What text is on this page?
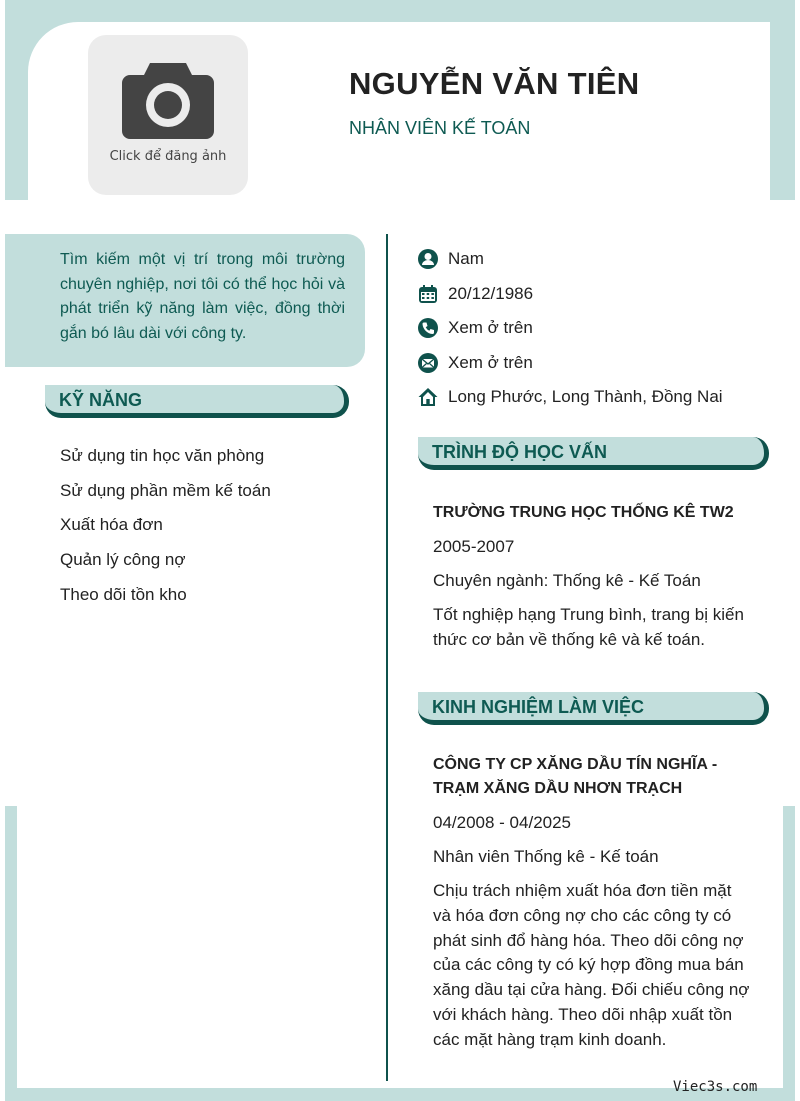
Click để đăng ảnh
NGUYỄN VĂN TIÊN
NHÂN VIÊN KẾ TOÁN
Tìm kiếm một vị trí trong môi trường chuyên nghiệp, nơi tôi có thể học hỏi và phát triển kỹ năng làm việc, đồng thời gắn bó lâu dài với công ty.
KỸ NĂNG
Sử dụng tin học văn phòng
Sử dụng phần mềm kế toán
Xuất hóa đơn
Quản lý công nợ
Theo dõi tồn kho
Nam
20/12/1986
Xem ở trên
Xem ở trên
Long Phước, Long Thành, Đồng Nai
TRÌNH ĐỘ HỌC VẤN
TRƯỜNG TRUNG HỌC THỐNG KÊ TW2
2005-2007
Chuyên ngành: Thống kê - Kế Toán
Tốt nghiệp hạng Trung bình, trang bị kiến thức cơ bản về thống kê và kế toán.
KINH NGHIỆM LÀM VIỆC
CÔNG TY CP XĂNG DẦU TÍN NGHĨA - TRẠM XĂNG DẦU NHƠN TRẠCH
04/2008 - 04/2025
Nhân viên Thống kê - Kế toán
Chịu trách nhiệm xuất hóa đơn tiền mặt và hóa đơn công nợ cho các công ty có phát sinh đổ hàng hóa. Theo dõi công nợ của các công ty có ký hợp đồng mua bán xăng dầu tại cửa hàng. Đối chiếu công nợ với khách hàng. Theo dõi nhập xuất tồn các mặt hàng trạm kinh doanh.
Viec3s.com
